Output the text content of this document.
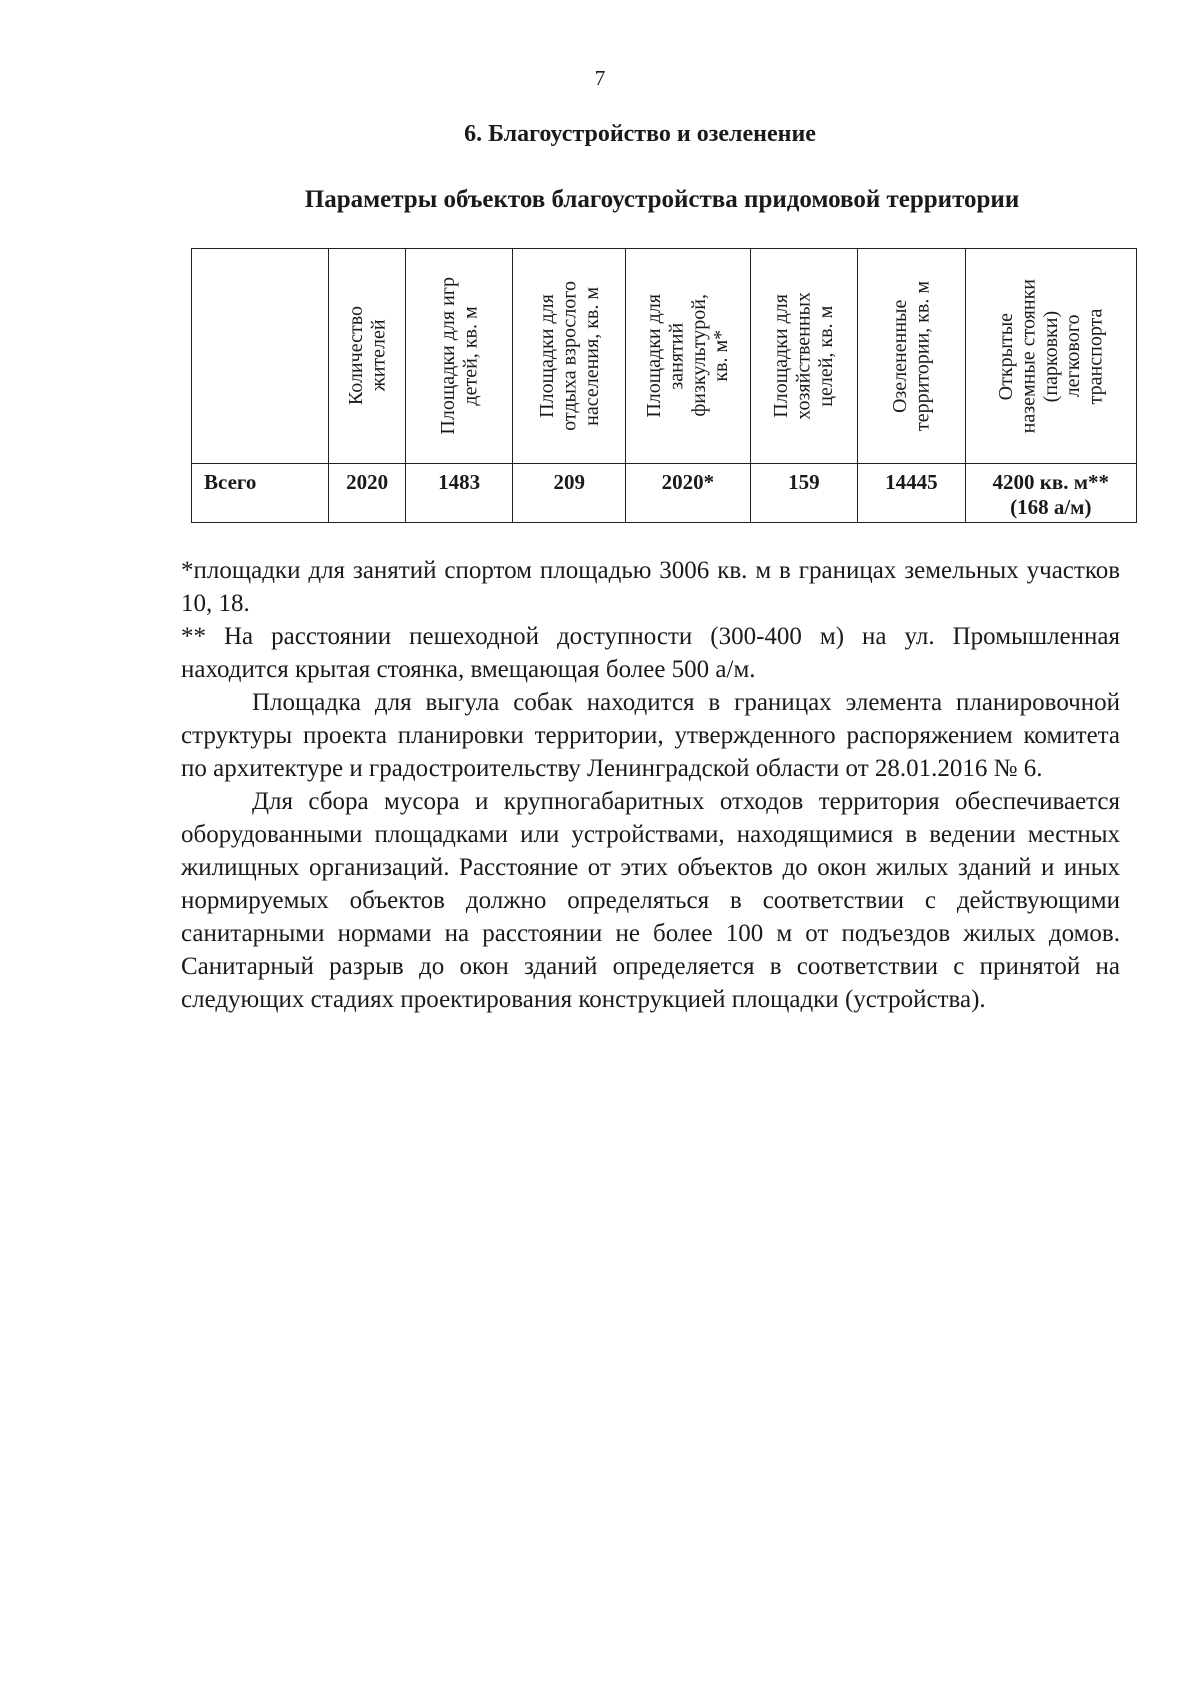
7
6. Благоустройство и озеленение
Параметры объектов благоустройства придомовой территории

	Количество
жителей	Площадки для игр
детей, кв. м	Площадки для
отдыха взрослого
населения, кв. м	Площадки для
занятий
физкультурой,
кв. м*	Площадки для
хозяйственных
целей, кв. м	Озелененные
территории, кв. м	Открытые
наземные стоянки
(парковки)
легкового
транспорта

Всего	2020	1483	209	2020*	159	14445	4200 кв. м**
(168 а/м)

*площадки для занятий спортом площадью 3006 кв. м в границах земельных участков 10, 18.

** На расстоянии пешеходной доступности (300-400 м) на ул. Промышленная находится крытая стоянка, вмещающая более 500 а/м.

Площадка для выгула собак находится в границах элемента планировочной структуры проекта планировки территории, утвержденного распоряжением комитета по архитектуре и градостроительству Ленинградской области от 28.01.2016 № 6.

Для сбора мусора и крупногабаритных отходов территория обеспечивается оборудованными площадками или устройствами, находящимися в ведении местных жилищных организаций. Расстояние от этих объектов до окон жилых зданий и иных нормируемых объектов должно определяться в соответствии с действующими санитарными нормами на расстоянии не более 100 м от подъездов жилых домов. Санитарный разрыв до окон зданий определяется в соответствии с принятой на следующих стадиях проектирования конструкцией площадки (устройства).
